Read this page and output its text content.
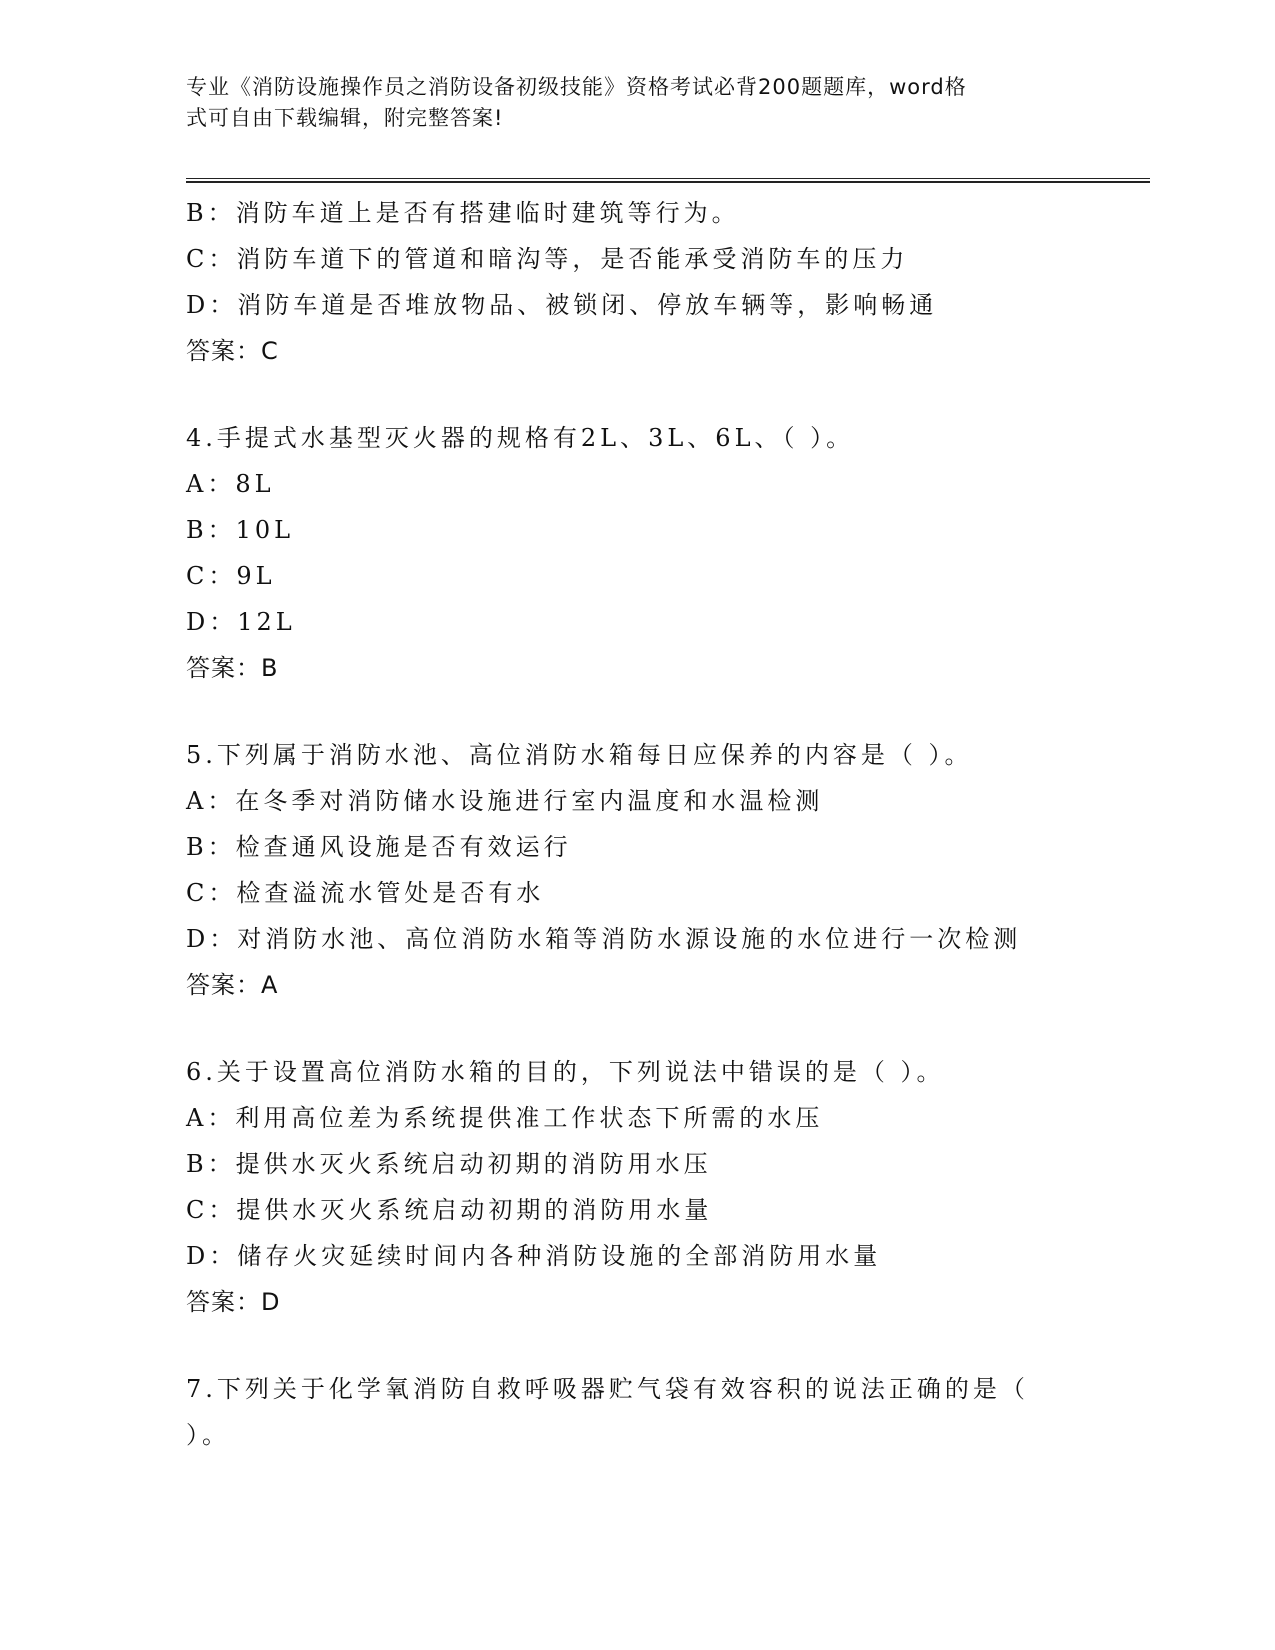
专业《消防设施操作员之消防设备初级技能》资格考试必背200题题库，word格
式可自由下载编辑，附完整答案!
B：消防车道上是否有搭建临时建筑等行为。
C：消防车道下的管道和暗沟等，是否能承受消防车的压力
D：消防车道是否堆放物品、被锁闭、停放车辆等，影响畅通
答案：C
4.手提式水基型灭火器的规格有2L、3L、6L、（ ）。
A：8L
B：10L
C：9L
D：12L
答案：B
5.下列属于消防水池、高位消防水箱每日应保养的内容是（ ）。
A：在冬季对消防储水设施进行室内温度和水温检测
B：检查通风设施是否有效运行
C：检查溢流水管处是否有水
D：对消防水池、高位消防水箱等消防水源设施的水位进行一次检测
答案：A
6.关于设置高位消防水箱的目的，下列说法中错误的是（ ）。
A：利用高位差为系统提供准工作状态下所需的水压
B：提供水灭火系统启动初期的消防用水压
C：提供水灭火系统启动初期的消防用水量
D：储存火灾延续时间内各种消防设施的全部消防用水量
答案：D
7.下列关于化学氧消防自救呼吸器贮气袋有效容积的说法正确的是（
）。
